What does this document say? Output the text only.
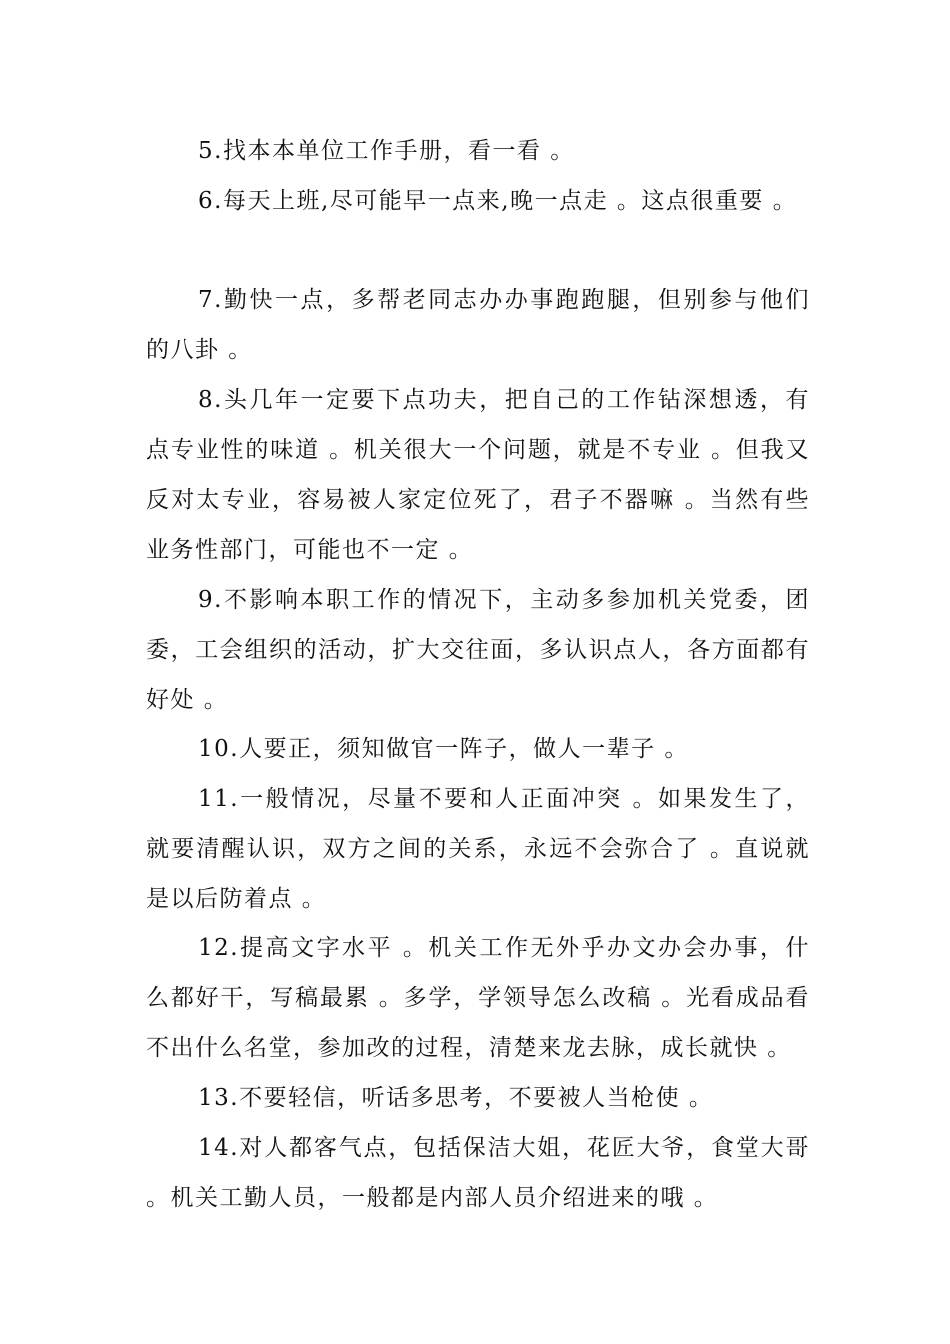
5.找本本单位工作手册，看一看 。

6.每天上班,尽可能早一点来,晚一点走 。这点很重要 。

7.勤快一点，多帮老同志办办事跑跑腿，但别参与他们的八卦 。

8.头几年一定要下点功夫，把自己的工作钻深想透，有点专业性的味道 。机关很大一个问题，就是不专业 。但我又反对太专业，容易被人家定位死了，君子不器嘛 。当然有些业务性部门，可能也不一定 。

9.不影响本职工作的情况下，主动多参加机关党委，团委，工会组织的活动，扩大交往面，多认识点人，各方面都有好处 。

10.人要正，须知做官一阵子，做人一辈子 。

11.一般情况，尽量不要和人正面冲突 。如果发生了，就要清醒认识，双方之间的关系，永远不会弥合了 。直说就是以后防着点 。

12.提高文字水平 。机关工作无外乎办文办会办事，什么都好干，写稿最累 。多学，学领导怎么改稿 。光看成品看不出什么名堂，参加改的过程，清楚来龙去脉，成长就快 。

13.不要轻信，听话多思考，不要被人当枪使 。

14.对人都客气点，包括保洁大姐，花匠大爷，食堂大哥 。机关工勤人员，一般都是内部人员介绍进来的哦 。
